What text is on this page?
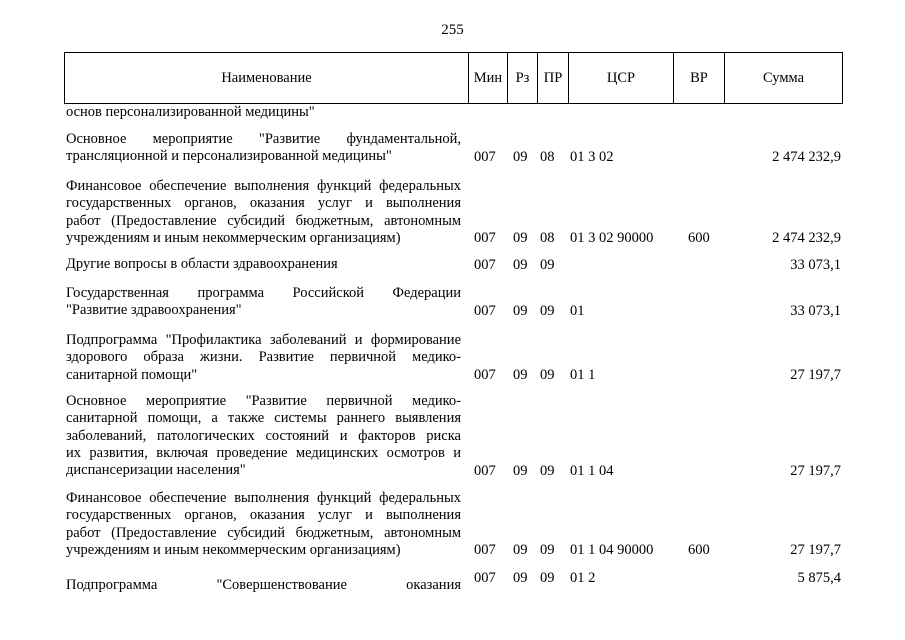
255
Наименование	Мин	Рз	ПР	ЦСР	ВР	Сумма
основ персонализированной медицины"
Основное мероприятие "Развитие фундаментальной,
трансляционной и персонализированной медицины"	007 09 08 01 3 02	2 474 232,9
Финансовое обеспечение выполнения функций федеральных
государственных органов, оказания услуг и выполнения
работ (Предоставление субсидий бюджетным, автономным
учреждениям и иным некоммерческим организациям)	007 09 08 01 3 02 90000 600	2 474 232,9
Другие вопросы в области здравоохранения	007 09 09	33 073,1
Государственная программа Российской Федерации
"Развитие здравоохранения"	007 09 09 01	33 073,1
Подпрограмма "Профилактика заболеваний и формирование
здорового образа жизни. Развитие первичной медико-
санитарной помощи"	007 09 09 01 1	27 197,7
Основное мероприятие "Развитие первичной медико-
санитарной помощи, а также системы раннего выявления
заболеваний, патологических состояний и факторов риска
их развития, включая проведение медицинских осмотров и
диспансеризации населения"	007 09 09 01 1 04	27 197,7
Финансовое обеспечение выполнения функций федеральных
государственных органов, оказания услуг и выполнения
работ (Предоставление субсидий бюджетным, автономным
учреждениям и иным некоммерческим организациям)	007 09 09 01 1 04 90000 600	27 197,7
Подпрограмма "Совершенствование оказания 007 09 09 01 2	5 875,4
